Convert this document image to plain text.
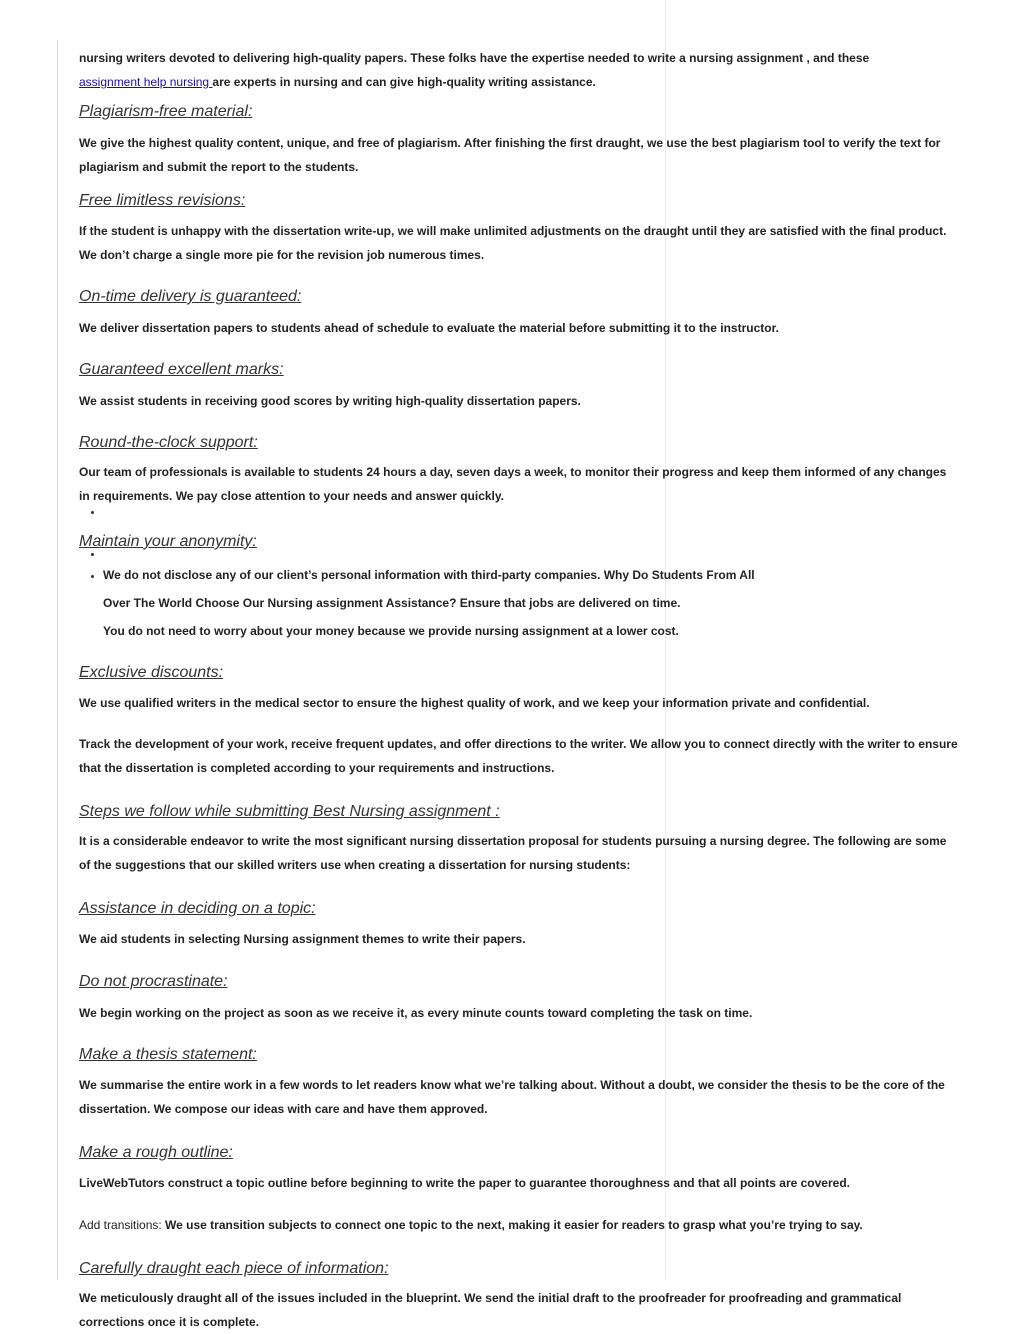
nursing writers devoted to delivering high-quality papers. These folks have the expertise needed to write a nursing assignment , and these

assignment help nursing are experts in nursing and can give high-quality writing assistance.

Plagiarism-free material:

We give the highest quality content, unique, and free of plagiarism. After finishing the first draught, we use the best plagiarism tool to verify the text for plagiarism and submit the report to the students.

Free limitless revisions:

If the student is unhappy with the dissertation write-up, we will make unlimited adjustments on the draught until they are satisfied with the final product. We don’t charge a single more pie for the revision job numerous times.

On-time delivery is guaranteed:

We deliver dissertation papers to students ahead of schedule to evaluate the material before submitting it to the instructor.

Guaranteed excellent marks:

We assist students in receiving good scores by writing high-quality dissertation papers.

Round-the-clock support:

Our team of professionals is available to students 24 hours a day, seven days a week, to monitor their progress and keep them informed of any changes in requirements. We pay close attention to your needs and answer quickly.

Maintain your anonymity:

We do not disclose any of our client’s personal information with third-party companies. Why Do Students From All

Over The World Choose Our Nursing assignment Assistance? Ensure that jobs are delivered on time.

You do not need to worry about your money because we provide nursing assignment at a lower cost.

Exclusive discounts:

We use qualified writers in the medical sector to ensure the highest quality of work, and we keep your information private and confidential.

Track the development of your work, receive frequent updates, and offer directions to the writer. We allow you to connect directly with the writer to ensure that the dissertation is completed according to your requirements and instructions.

Steps we follow while submitting Best Nursing assignment :

It is a considerable endeavor to write the most significant nursing dissertation proposal for students pursuing a nursing degree. The following are some of the suggestions that our skilled writers use when creating a dissertation for nursing students:

Assistance in deciding on a topic:

We aid students in selecting Nursing assignment themes to write their papers.

Do not procrastinate:

We begin working on the project as soon as we receive it, as every minute counts toward completing the task on time.

Make a thesis statement:

We summarise the entire work in a few words to let readers know what we’re talking about. Without a doubt, we consider the thesis to be the core of the dissertation. We compose our ideas with care and have them approved.

Make a rough outline:

LiveWebTutors construct a topic outline before beginning to write the paper to guarantee thoroughness and that all points are covered.

Add transitions: We use transition subjects to connect one topic to the next, making it easier for readers to grasp what you’re trying to say.

Carefully draught each piece of information:

We meticulously draught all of the issues included in the blueprint. We send the initial draft to the proofreader for proofreading and grammatical corrections once it is complete.
